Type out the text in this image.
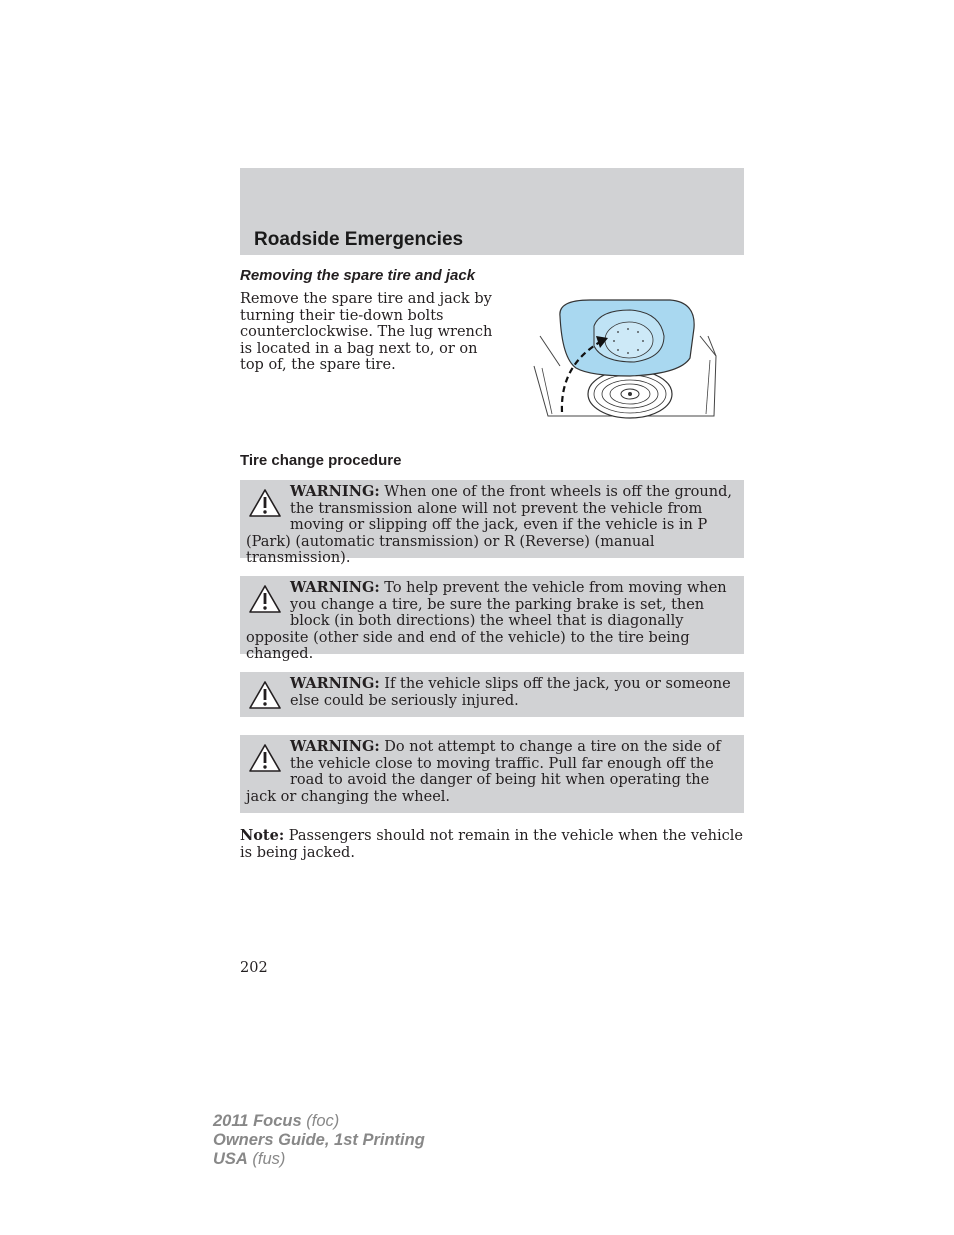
Roadside Emergencies
Removing the spare tire and jack
Remove the spare tire and jack by turning their tie-down bolts counterclockwise. The lug wrench is located in a bag next to, or on top of, the spare tire.
Tire change procedure
WARNING: When one of the front wheels is off the ground, the transmission alone will not prevent the vehicle from moving or slipping off the jack, even if the vehicle is in P (Park) (automatic transmission) or R (Reverse) (manual transmission).
WARNING: To help prevent the vehicle from moving when you change a tire, be sure the parking brake is set, then block (in both directions) the wheel that is diagonally opposite (other side and end of the vehicle) to the tire being changed.
WARNING: If the vehicle slips off the jack, you or someone else could be seriously injured.
WARNING: Do not attempt to change a tire on the side of the vehicle close to moving traffic. Pull far enough off the road to avoid the danger of being hit when operating the jack or changing the wheel.
Note: Passengers should not remain in the vehicle when the vehicle is being jacked.
202
2011 Focus (foc)
Owners Guide, 1st Printing
USA (fus)
